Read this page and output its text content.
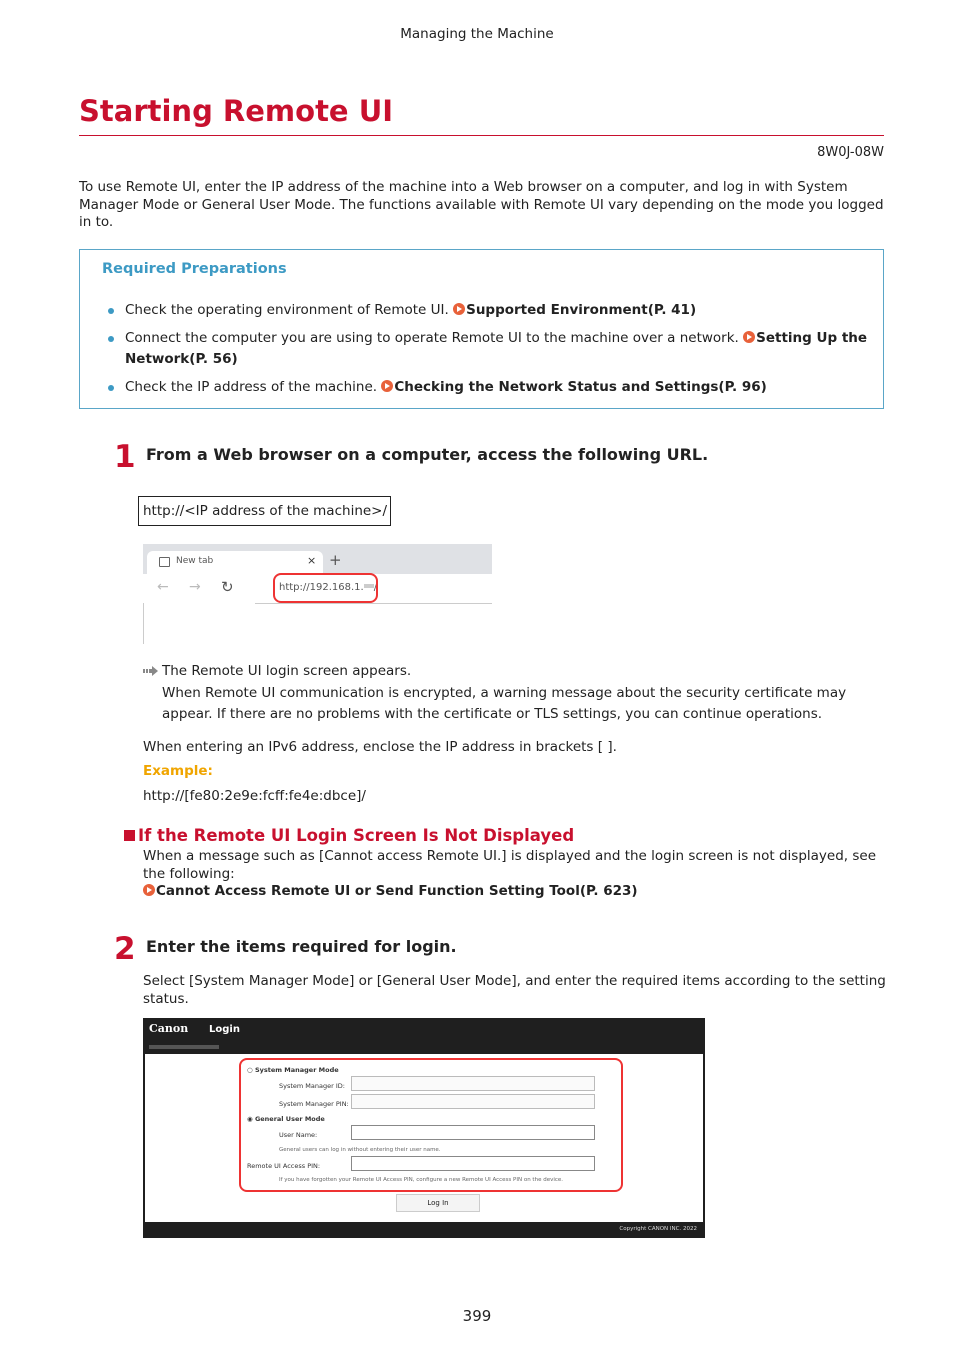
Managing the Machine
Starting Remote UI
8W0J-08W
To use Remote UI, enter the IP address of the machine into a Web browser on a computer, and log in with System Manager Mode or General User Mode. The functions available with Remote UI vary depending on the mode you logged in to.
Required Preparations
Check the operating environment of Remote UI. Supported Environment(P. 41)
Connect the computer you are using to operate Remote UI to the machine over a network. Setting Up the
Network(P. 56)
Check the IP address of the machine. Checking the Network Status and Settings(P. 96)
1 From a Web browser on a computer, access the following URL.
http://<IP address of the machine>/
New tab	× +
← → ↻	http://192.168.1. /
The Remote UI login screen appears.
When Remote UI communication is encrypted, a warning message about the security certificate may appear. If there are no problems with the certificate or TLS settings, you can continue operations.
When entering an IPv6 address, enclose the IP address in brackets [ ].
Example:
http://[fe80:2e9e:fcff:fe4e:dbce]/
If the Remote UI Login Screen Is Not Displayed
When a message such as [Cannot access Remote UI.] is displayed and the login screen is not displayed, see the following:
Cannot Access Remote UI or Send Function Setting Tool(P. 623)
2 Enter the items required for login.
Select [System Manager Mode] or [General User Mode], and enter the required items according to the setting status.
Canon Login
○ System Manager Mode
System Manager ID:
System Manager PIN:
◉ General User Mode
User Name:
General users can log in without entering their user name.
Remote UI Access PIN:
If you have forgotten your Remote UI Access PIN, configure a new Remote UI Access PIN on the device.
Log In
Copyright CANON INC. 2022
399
